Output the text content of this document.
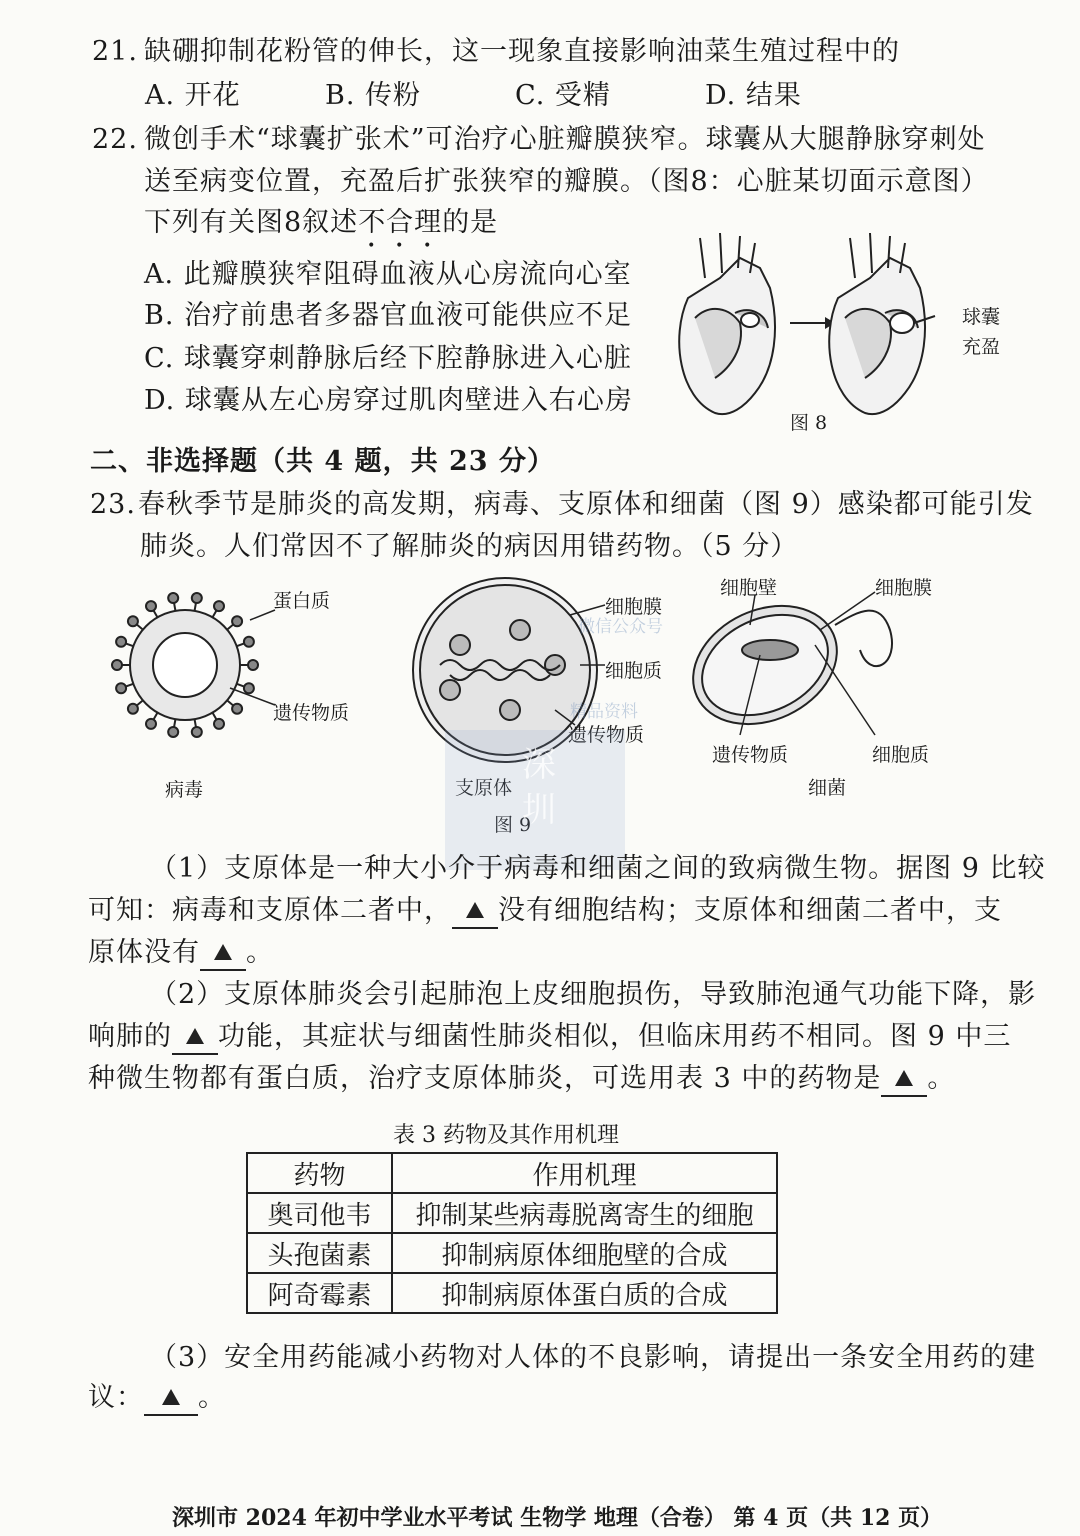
21. 缺硼抑制花粉管的伸长，这一现象直接影响油菜生殖过程中的
A. 开花	B. 传粉	C. 受精	D. 结果
22. 微创手术“球囊扩张术”可治疗心脏瓣膜狭窄。球囊从大腿静脉穿刺处
送至病变位置，充盈后扩张狭窄的瓣膜。（图8：心脏某切面示意图）
下列有关图8叙述不合理的是
A. 此瓣膜狭窄阻碍血液从心房流向心室
B. 治疗前患者多器官血液可能供应不足
C. 球囊穿刺静脉后经下腔静脉进入心脏
D. 球囊从左心房穿过肌肉壁进入右心房
球囊
充盈
图 8
二、非选择题（共 4 题，共 23 分）
23.春秋季节是肺炎的高发期，病毒、支原体和细菌（图 9）感染都可能引发
肺炎。人们常因不了解肺炎的病因用错药物。（5 分）
蛋白质
遗传物质
病毒
细胞膜
细胞质
遗传物质
支原体
细胞壁	细胞膜
遗传物质	细胞质
细菌
图 9
深
圳
微信公众号
精品资料
（1）支原体是一种大小介于病毒和细菌之间的致病微生物。据图 9 比较
可知：病毒和支原体二者中， 没有细胞结构；支原体和细菌二者中，支
原体没有 。
（2）支原体肺炎会引起肺泡上皮细胞损伤，导致肺泡通气功能下降，影
响肺的 功能，其症状与细菌性肺炎相似，但临床用药不相同。图 9 中三
种微生物都有蛋白质，治疗支原体肺炎，可选用表 3 中的药物是 。
表 3 药物及其作用机理
药物	作用机理
奥司他韦	抑制某些病毒脱离寄生的细胞
头孢菌素	抑制病原体细胞壁的合成
阿奇霉素	抑制病原体蛋白质的合成
（3）安全用药能减小药物对人体的不良影响，请提出一条安全用药的建
议： 。
深圳市 2024 年初中学业水平考试 生物学 地理（合卷） 第 4 页（共 12 页）
